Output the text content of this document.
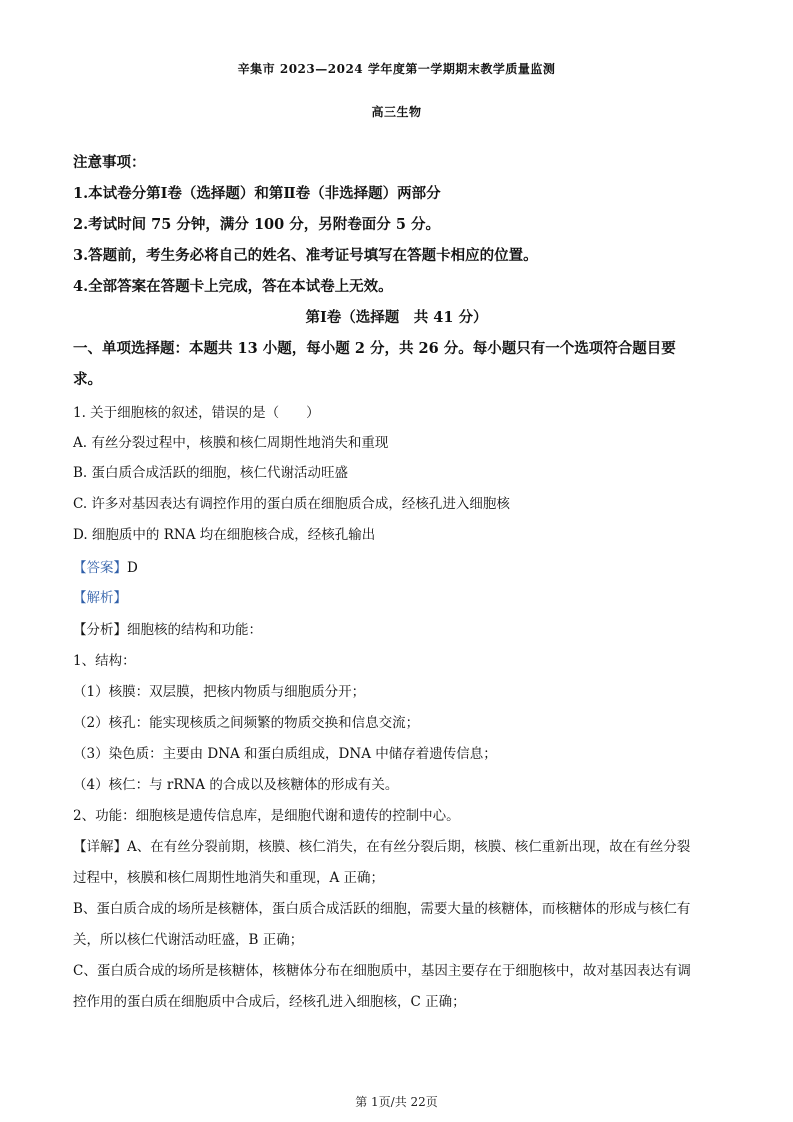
辛集市 2023—2024 学年度第一学期期末教学质量监测
高三生物
注意事项：
1.本试卷分第Ⅰ卷（选择题）和第Ⅱ卷（非选择题）两部分
2.考试时间 75 分钟，满分 100 分，另附卷面分 5 分。
3.答题前，考生务必将自己的姓名、准考证号填写在答题卡相应的位置。
4.全部答案在答题卡上完成，答在本试卷上无效。
第Ⅰ卷（选择题　共 41 分）
一、单项选择题：本题共 13 小题，每小题 2 分，共 26 分。每小题只有一个选项符合题目要
求。
1. 关于细胞核的叙述，错误的是（　　）
A. 有丝分裂过程中，核膜和核仁周期性地消失和重现
B. 蛋白质合成活跃的细胞，核仁代谢活动旺盛
C. 许多对基因表达有调控作用的蛋白质在细胞质合成，经核孔进入细胞核
D. 细胞质中的 RNA 均在细胞核合成，经核孔输出
【答案】D
【解析】
【分析】细胞核的结构和功能：
1、结构：
（1）核膜：双层膜，把核内物质与细胞质分开；
（2）核孔：能实现核质之间频繁的物质交换和信息交流；
（3）染色质：主要由 DNA 和蛋白质组成，DNA 中储存着遗传信息；
（4）核仁：与 rRNA 的合成以及核糖体的形成有关。
2、功能：细胞核是遗传信息库，是细胞代谢和遗传的控制中心。
【详解】A、在有丝分裂前期，核膜、核仁消失，在有丝分裂后期，核膜、核仁重新出现，故在有丝分裂
过程中，核膜和核仁周期性地消失和重现，A 正确；
B、蛋白质合成的场所是核糖体，蛋白质合成活跃的细胞，需要大量的核糖体，而核糖体的形成与核仁有
关，所以核仁代谢活动旺盛，B 正确；
C、蛋白质合成的场所是核糖体，核糖体分布在细胞质中，基因主要存在于细胞核中，故对基因表达有调
控作用的蛋白质在细胞质中合成后，经核孔进入细胞核，C 正确；
第 1页/共 22页
